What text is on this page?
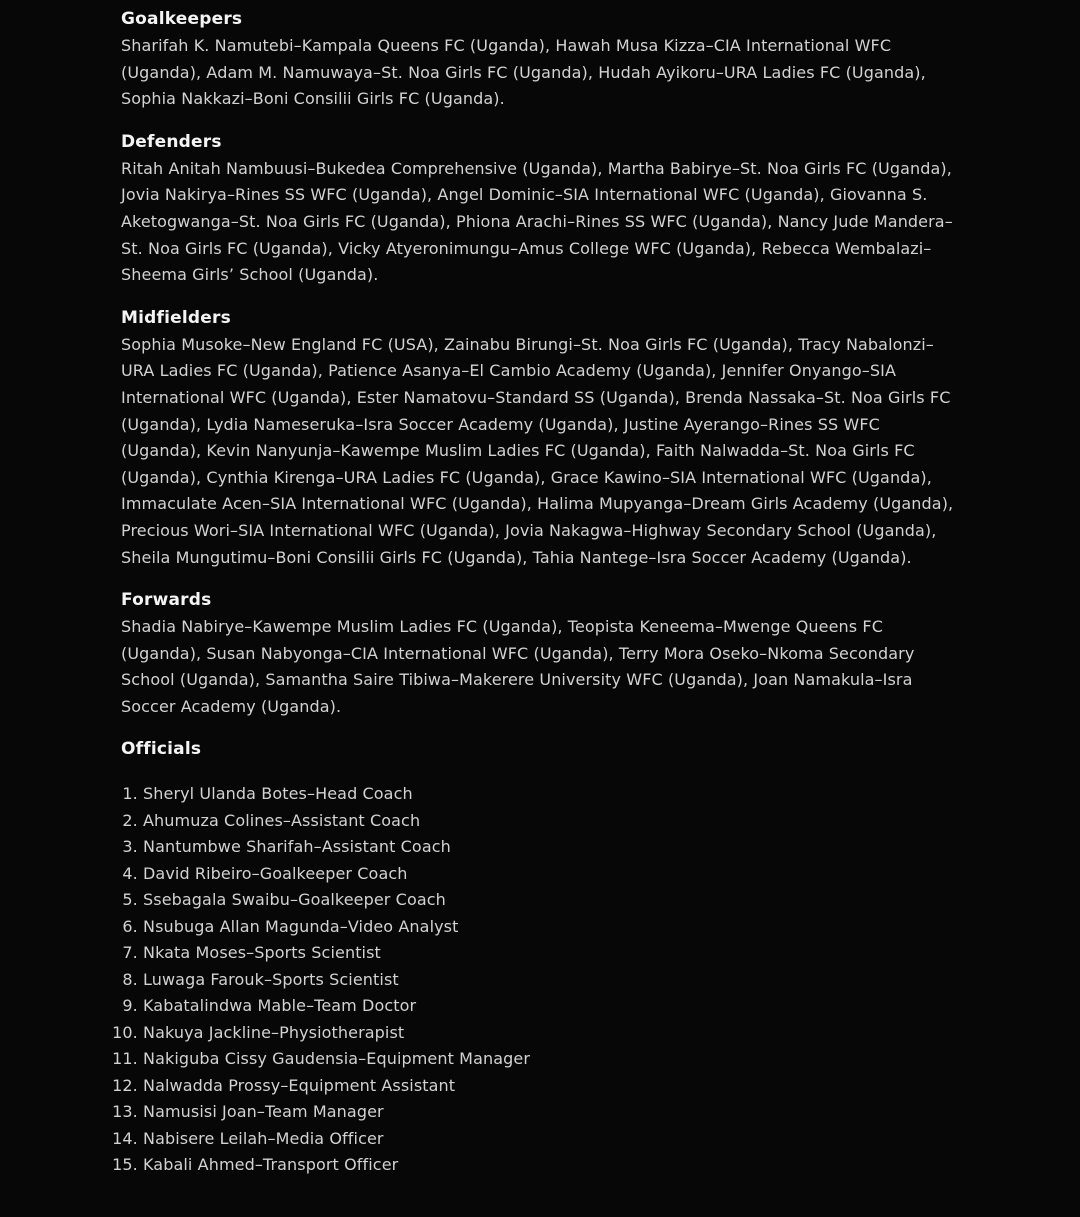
Goalkeepers

Sharifah K. Namutebi–Kampala Queens FC (Uganda), Hawah Musa Kizza–CIA International WFC (Uganda), Adam M. Namuwaya–St. Noa Girls FC (Uganda), Hudah Ayikoru–URA Ladies FC (Uganda), Sophia Nakkazi–Boni Consilii Girls FC (Uganda).

Defenders

Ritah Anitah Nambuusi–Bukedea Comprehensive (Uganda), Martha Babirye–St. Noa Girls FC (Uganda), Jovia Nakirya–Rines SS WFC (Uganda), Angel Dominic–SIA International WFC (Uganda), Giovanna S. Aketogwanga–St. Noa Girls FC (Uganda), Phiona Arachi–Rines SS WFC (Uganda), Nancy Jude Mandera–St. Noa Girls FC (Uganda), Vicky Atyeronimungu–Amus College WFC (Uganda), Rebecca Wembalazi–Sheema Girls’ School (Uganda).

Midfielders

Sophia Musoke–New England FC (USA), Zainabu Birungi–St. Noa Girls FC (Uganda), Tracy Nabalonzi–URA Ladies FC (Uganda), Patience Asanya–El Cambio Academy (Uganda), Jennifer Onyango–SIA International WFC (Uganda), Ester Namatovu–Standard SS (Uganda), Brenda Nassaka–St. Noa Girls FC (Uganda), Lydia Nameseruka–Isra Soccer Academy (Uganda), Justine Ayerango–Rines SS WFC (Uganda), Kevin Nanyunja–Kawempe Muslim Ladies FC (Uganda), Faith Nalwadda–St. Noa Girls FC (Uganda), Cynthia Kirenga–URA Ladies FC (Uganda), Grace Kawino–SIA International WFC (Uganda), Immaculate Acen–SIA International WFC (Uganda), Halima Mupyanga–Dream Girls Academy (Uganda), Precious Wori–SIA International WFC (Uganda), Jovia Nakagwa–Highway Secondary School (Uganda), Sheila Mungutimu–Boni Consilii Girls FC (Uganda), Tahia Nantege–Isra Soccer Academy (Uganda).

Forwards

Shadia Nabirye–Kawempe Muslim Ladies FC (Uganda), Teopista Keneema–Mwenge Queens FC (Uganda), Susan Nabyonga–CIA International WFC (Uganda), Terry Mora Oseko–Nkoma Secondary School (Uganda), Samantha Saire Tibiwa–Makerere University WFC (Uganda), Joan Namakula–Isra Soccer Academy (Uganda).

Officials
1. Sheryl Ulanda Botes–Head Coach
2. Ahumuza Colines–Assistant Coach
3. Nantumbwe Sharifah–Assistant Coach
4. David Ribeiro–Goalkeeper Coach
5. Ssebagala Swaibu–Goalkeeper Coach
6. Nsubuga Allan Magunda–Video Analyst
7. Nkata Moses–Sports Scientist
8. Luwaga Farouk–Sports Scientist
9. Kabatalindwa Mable–Team Doctor
10. Nakuya Jackline–Physiotherapist
11. Nakiguba Cissy Gaudensia–Equipment Manager
12. Nalwadda Prossy–Equipment Assistant
13. Namusisi Joan–Team Manager
14. Nabisere Leilah–Media Officer
15. Kabali Ahmed–Transport Officer
